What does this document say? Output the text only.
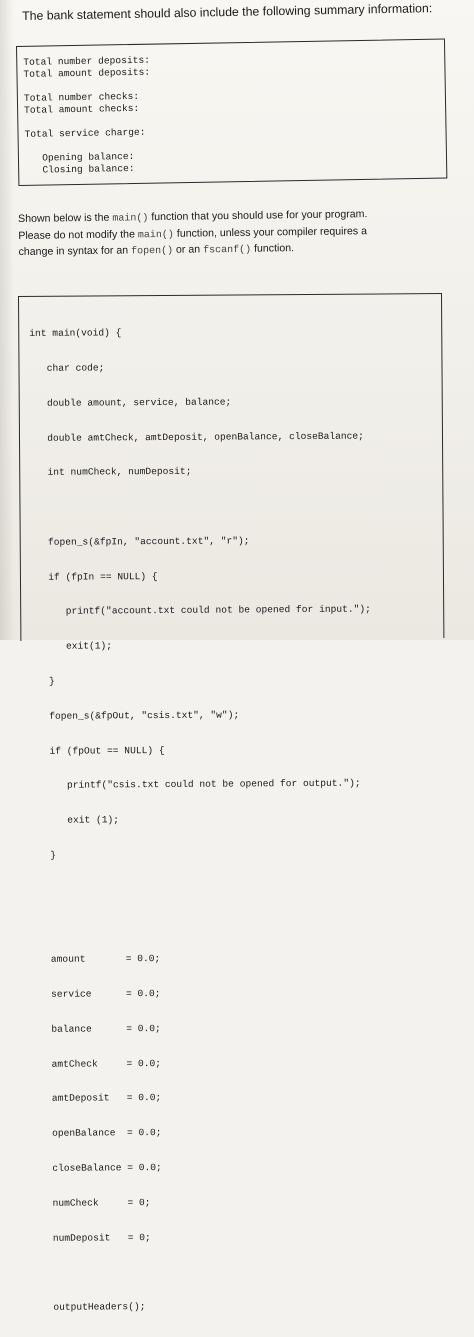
The bank statement should also include the following summary information:
Total number deposits:
Total amount deposits:
Total number checks:
Total amount checks:
Total service charge:
Opening balance:
Closing balance:
Shown below is the main() function that you should use for your program.
Please do not modify the main() function, unless your compiler requires a
change in syntax for an fopen() or an fscanf() function.

int main(void) {

char code;

double amount, service, balance;

double amtCheck, amtDeposit, openBalance, closeBalance;

int numCheck, numDeposit;

fopen_s(&fpIn, "account.txt", "r");

if (fpIn == NULL) {

printf("account.txt could not be opened for input.");

exit(1);

}

fopen_s(&fpOut, "csis.txt", "w");

if (fpOut == NULL) {

printf("csis.txt could not be opened for output.");

exit (1);

}

amount       = 0.0;

service      = 0.0;

balance      = 0.0;

amtCheck     = 0.0;

amtDeposit   = 0.0;

openBalance  = 0.0;

closeBalance = 0.0;

numCheck     = 0;

numDeposit   = 0;

outputHeaders();
